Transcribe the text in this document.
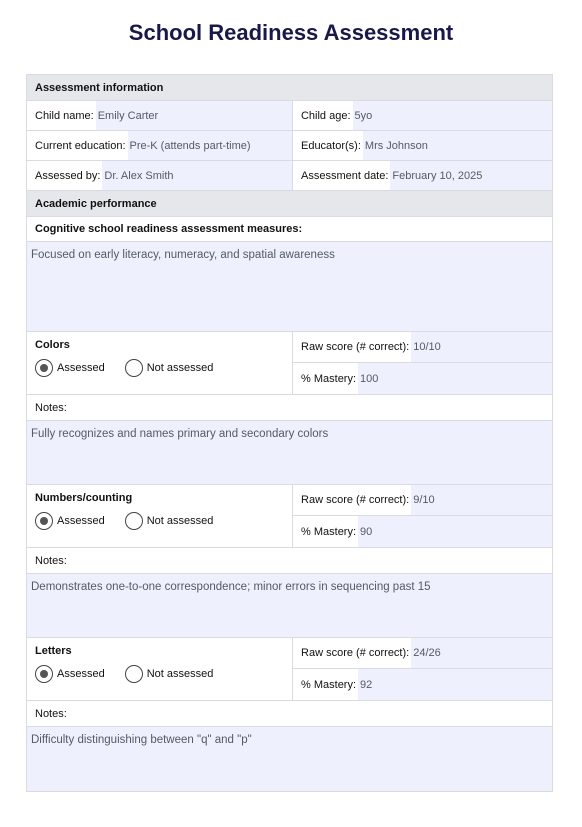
School Readiness Assessment
Assessment information
Child name: Emily Carter	Child age: 5yo
Current education: Pre-K (attends part-time)	Educator(s): Mrs Johnson
Assessed by: Dr. Alex Smith	Assessment date: February 10, 2025
Academic performance
Cognitive school readiness assessment measures:
Focused on early literacy, numeracy, and spatial awareness
Colors
Assessed	Not assessed
Raw score (# correct): 10/10
% Mastery: 100
Notes:
Fully recognizes and names primary and secondary colors
Numbers/counting
Assessed	Not assessed
Raw score (# correct): 9/10
% Mastery: 90
Notes:
Demonstrates one-to-one correspondence; minor errors in sequencing past 15
Letters
Assessed	Not assessed
Raw score (# correct): 24/26
% Mastery: 92
Notes:
Difficulty distinguishing between "q" and "p"
